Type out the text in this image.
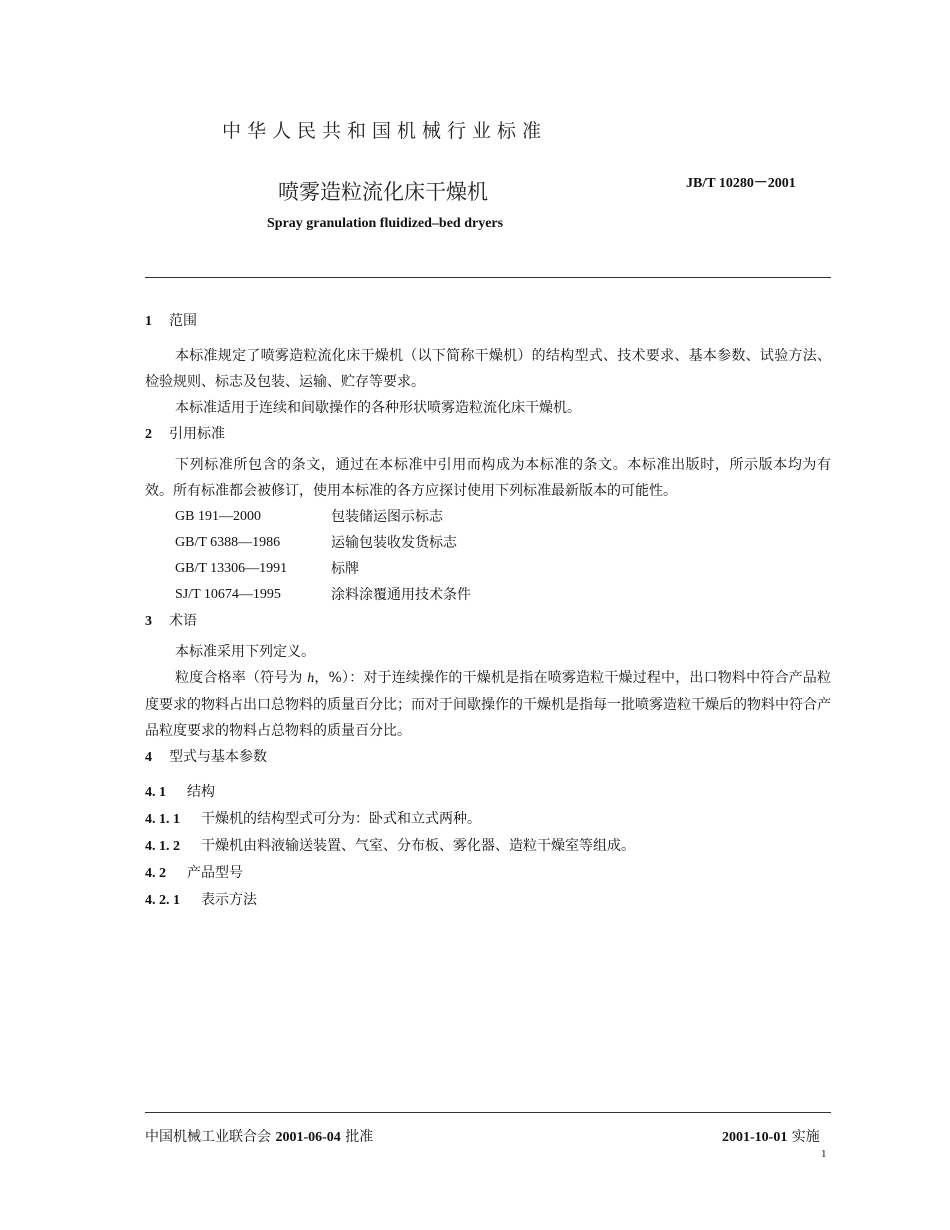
中华人民共和国机械行业标准
喷雾造粒流化床干燥机	JB/T 10280－2001
Spray granulation fluidized–bed dryers
1	范围

本标准规定了喷雾造粒流化床干燥机（以下简称干燥机）的结构型式、技术要求、基本参数、试验方法、检验规则、标志及包装、运输、贮存等要求。

本标准适用于连续和间歇操作的各种形状喷雾造粒流化床干燥机。

2	引用标准

下列标准所包含的条文，通过在本标准中引用而构成为本标准的条文。本标准出版时，所示版本均为有效。所有标准都会被修订，使用本标准的各方应探讨使用下列标准最新版本的可能性。

GB 191—2000	包装储运图示标志
GB/T 6388—1986	运输包装收发货标志
GB/T 13306—1991	标牌
SJ/T 10674—1995	涂料涂覆通用技术条件
3	术语

本标准采用下列定义。

粒度合格率（符号为 h，%）：对于连续操作的干燥机是指在喷雾造粒干燥过程中，出口物料中符合产品粒度要求的物料占出口总物料的质量百分比；而对于间歇操作的干燥机是指每一批喷雾造粒干燥后的物料中符合产品粒度要求的物料占总物料的质量百分比。

4	型式与基本参数
4. 1	结构
4. 1. 1	干燥机的结构型式可分为：卧式和立式两种。
4. 1. 2	干燥机由料液输送装置、气室、分布板、雾化器、造粒干燥室等组成。
4. 2	产品型号
4. 2. 1	表示方法
中国机械工业联合会 2001-06-04 批准	2001-10-01 实施
1
